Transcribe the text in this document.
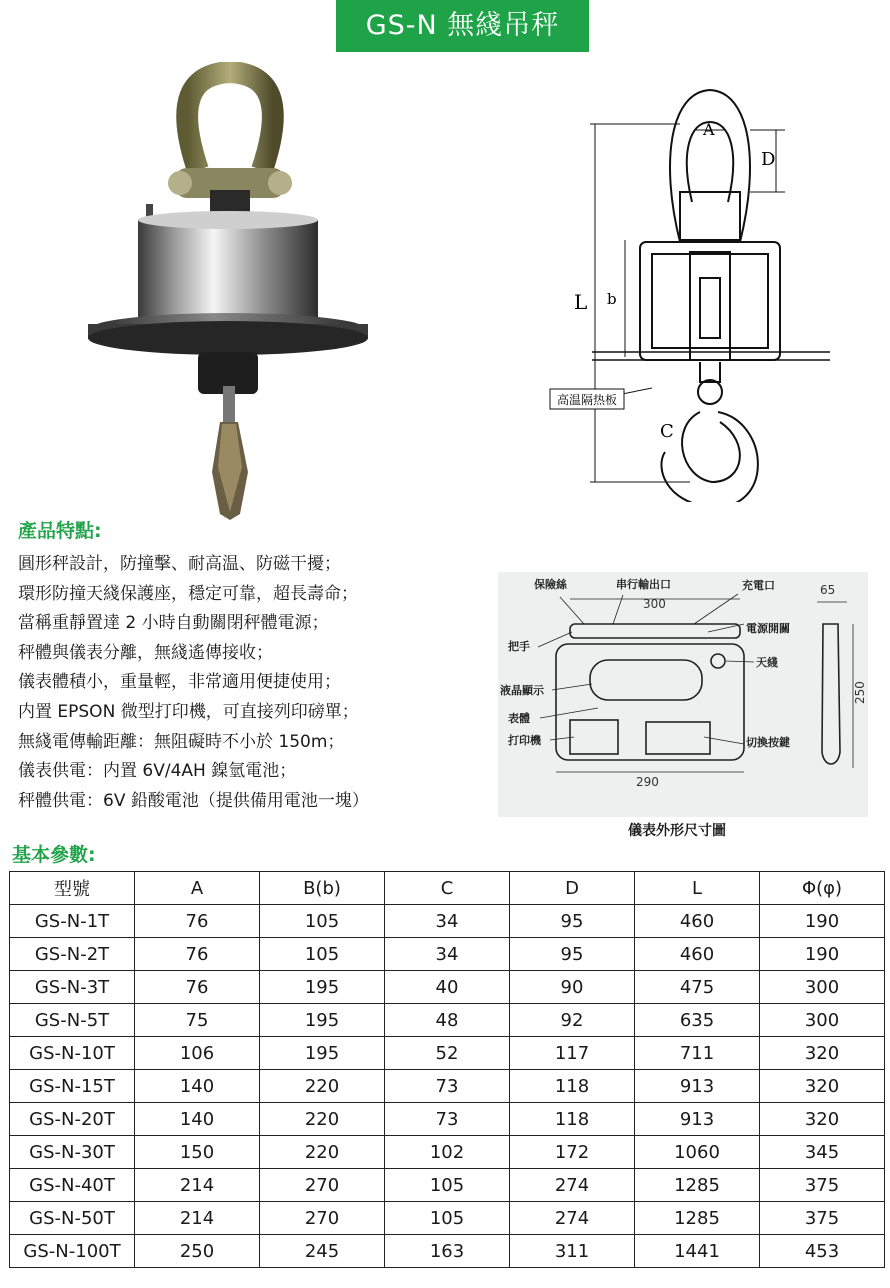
GS-N 無綫吊秤
A
D
L b
C
高温隔热板
產品特點:
圓形秤設計，防撞擊、耐高温、防磁干擾；
環形防撞天綫保護座，穩定可靠，超長壽命；
當稱重靜置達 2 小時自動關閉秤體電源；
秤體與儀表分離，無綫遙傳接收；
儀表體積小，重量輕，非常適用便捷使用；
内置 EPSON 微型打印機，可直接列印磅單；
無綫電傳輸距離：無阻礙時不小於 150m；
儀表供電：内置 6V/4AH 鎳氫電池；
秤體供電：6V 鉛酸電池（提供備用電池一塊）
保險絲	串行輸出口	充電口
電源開關
天綫
把手
液晶顯示
表體
打印機	切換按鍵
300
65
250
290
儀表外形尺寸圖
基本參數:
型號	A	B(b)	C	D	L	Φ(φ)
GS-N-1T	76	105	34	95	460	190
GS-N-2T	76	105	34	95	460	190
GS-N-3T	76	195	40	90	475	300
GS-N-5T	75	195	48	92	635	300
GS-N-10T	106	195	52	117	711	320
GS-N-15T	140	220	73	118	913	320
GS-N-20T	140	220	73	118	913	320
GS-N-30T	150	220	102	172	1060	345
GS-N-40T	214	270	105	274	1285	375
GS-N-50T	214	270	105	274	1285	375
GS-N-100T	250	245	163	311	1441	453
